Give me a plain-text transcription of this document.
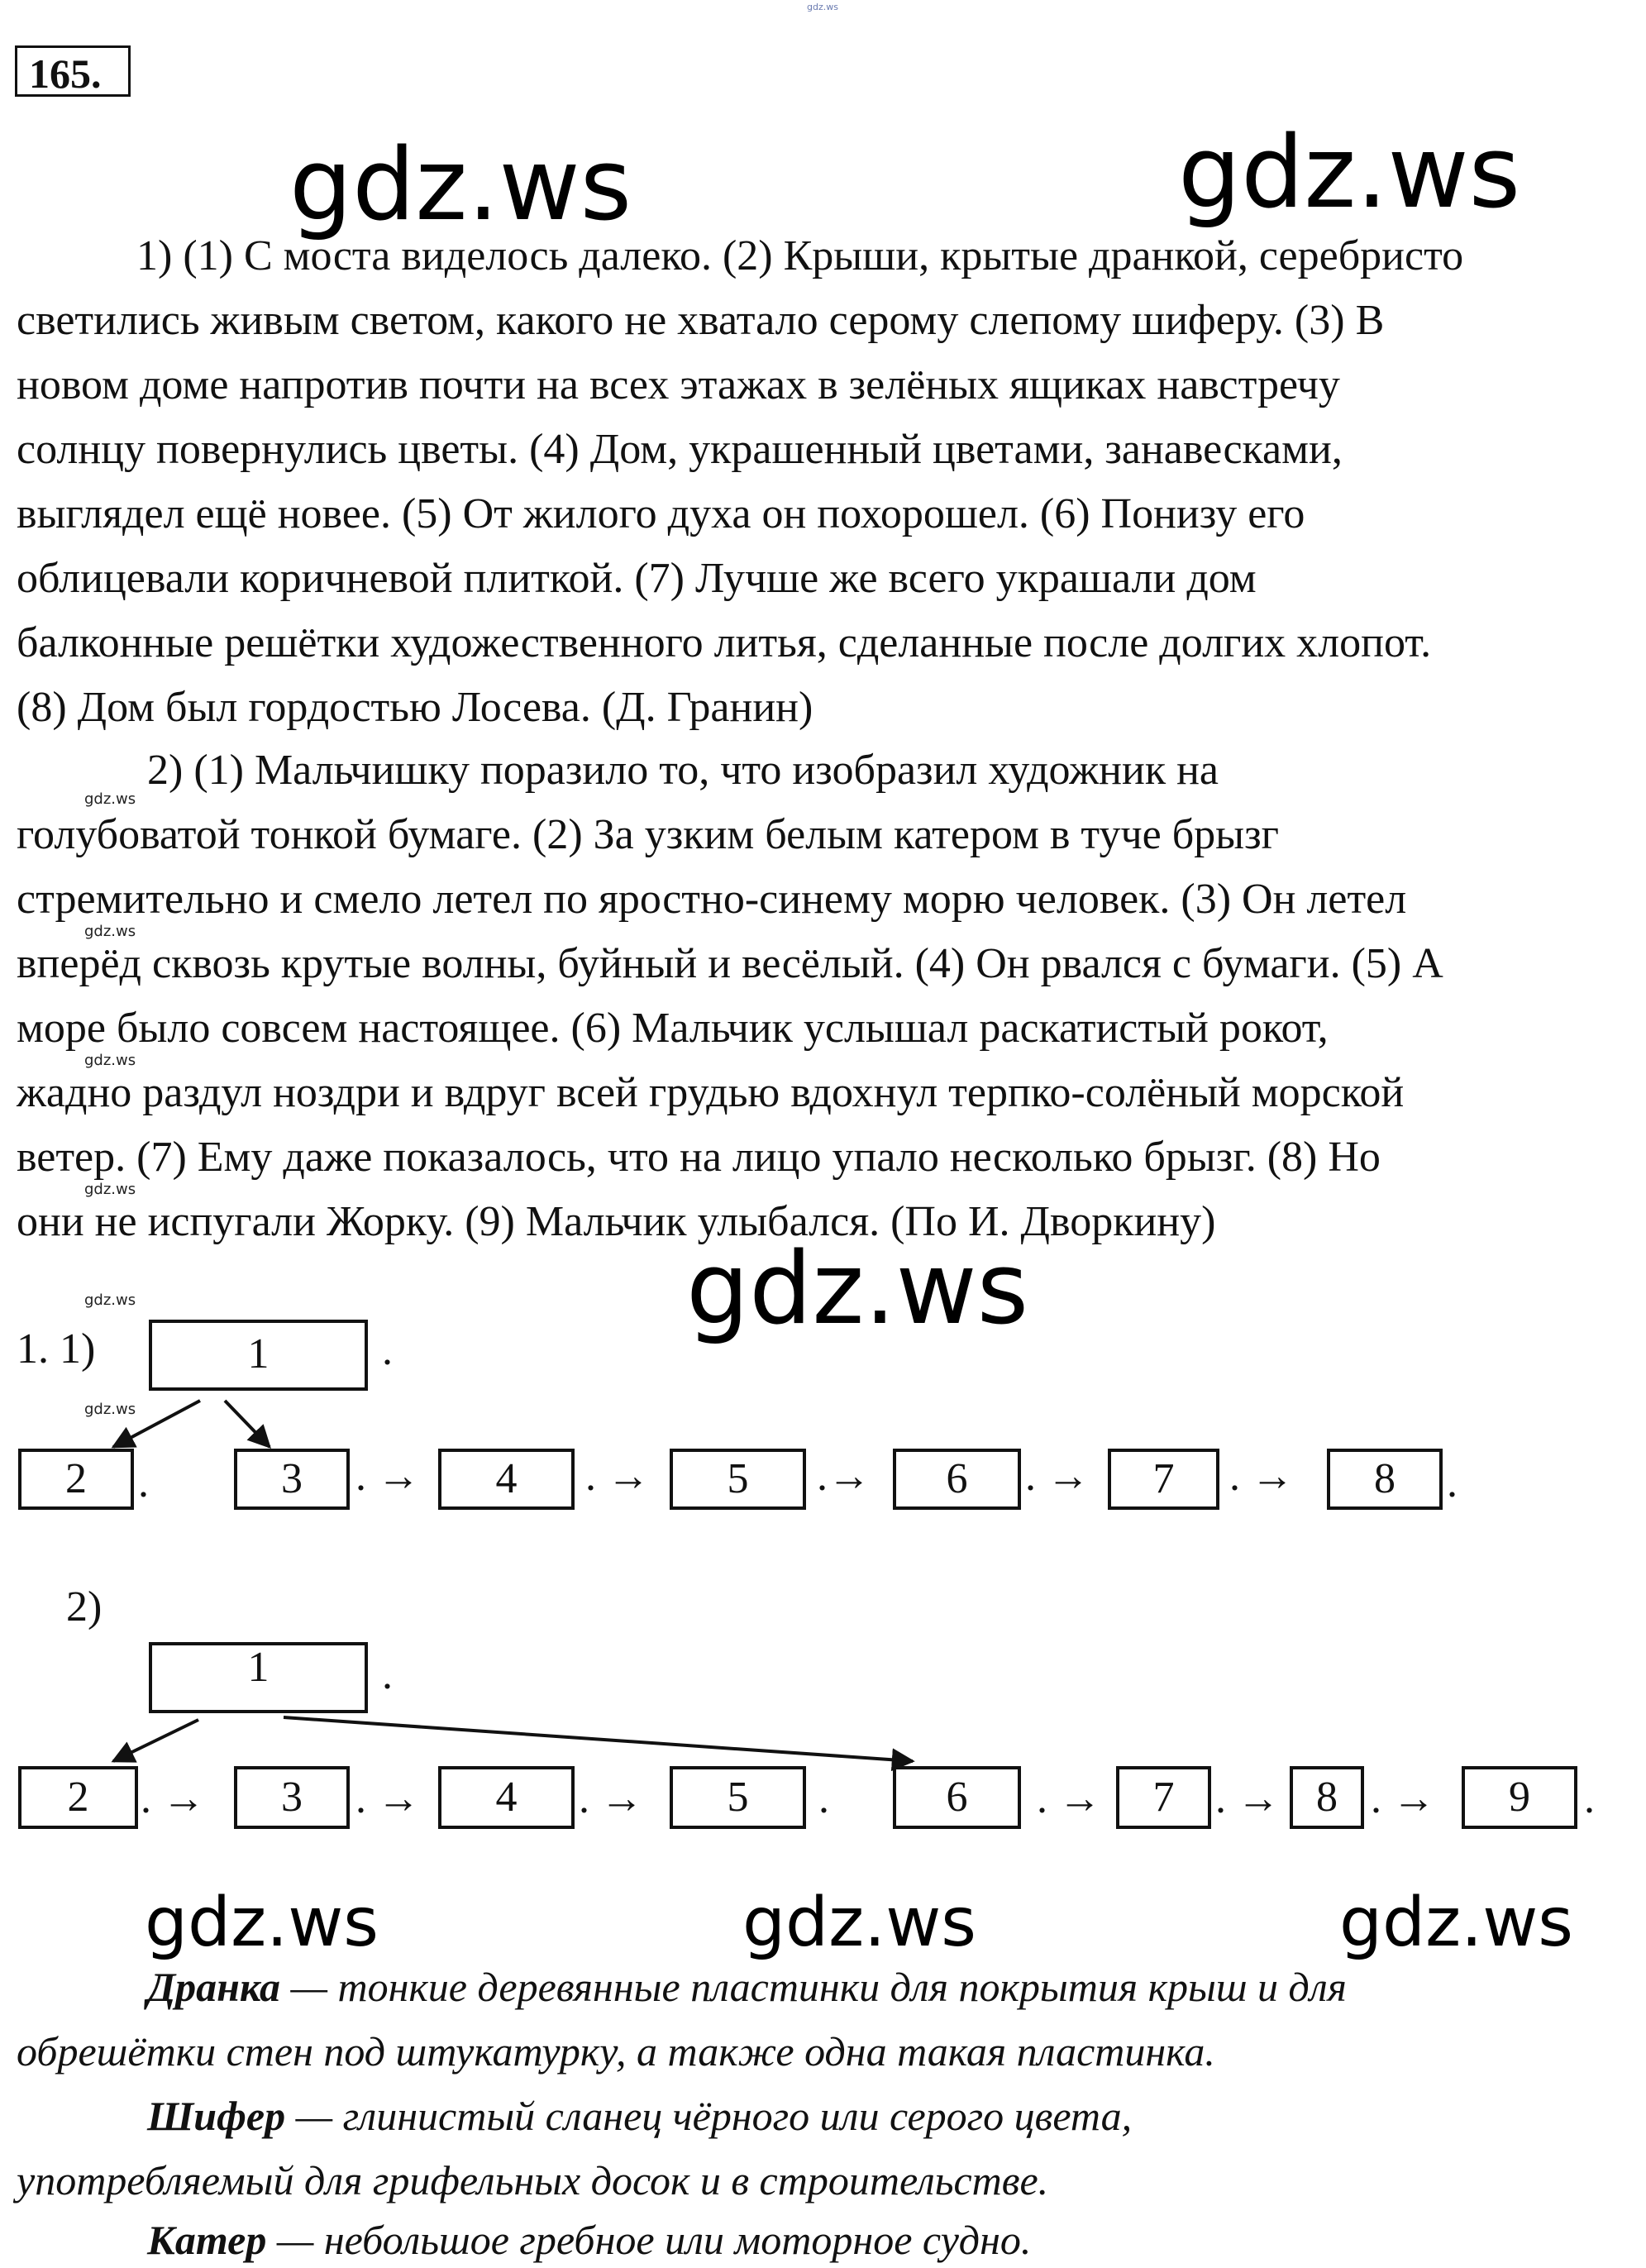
gdz.ws
165.
gdz.ws	gdz.ws
gdz.ws
1) (1) С моста виделось далеко. (2) Крыши, крытые дранкой, серебристо
светились живым светом, какого не хватало серому слепому шиферу. (3) В
новом доме напротив почти на всех этажах в зелёных ящиках навстречу
солнцу повернулись цветы. (4) Дом, украшенный цветами, занавесками,
выглядел ещё новее. (5) От жилого духа он похорошел. (6) Понизу его
облицевали коричневой плиткой. (7) Лучше же всего украшали дом
балконные решётки художественного литья, сделанные после долгих хлопот.
(8) Дом был гордостью Лосева. (Д. Гранин)
2) (1) Мальчишку поразило то, что изобразил художник на
голубоватой тонкой бумаге. (2) За узким белым катером в туче брызг
стремительно и смело летел по яростно-синему морю человек. (3) Он летел
вперёд сквозь крутые волны, буйный и весёлый. (4) Он рвался с бумаги. (5) А
море было совсем настоящее. (6) Мальчик услышал раскатистый рокот,
жадно раздул ноздри и вдруг всей грудью вдохнул терпко-солёный морской
ветер. (7) Ему даже показалось, что на лицо упало несколько брызг. (8) Но
они не испугали Жорку. (9) Мальчик улыбался. (По И. Дворкину)
gdz.ws
gdz.ws
gdz.ws
gdz.ws
gdz.ws
gdz.ws
1. 1)	1	.
2	.	3	. →	4	. →	5	.→	6	. →	7	. →	8	.
2)
1	.
2	. →	3	. →	4	. →	5	.	6	. →	7 . → 8 . →	9	.
gdz.ws	gdz.ws	gdz.ws
Дранка — тонкие деревянные пластинки для покрытия крыш и для
обрешётки стен под штукатурку, а также одна такая пластинка.
Шифер — глинистый сланец чёрного или серого цвета,
употребляемый для грифельных досок и в строительстве.
Катер — небольшое гребное или моторное судно.
